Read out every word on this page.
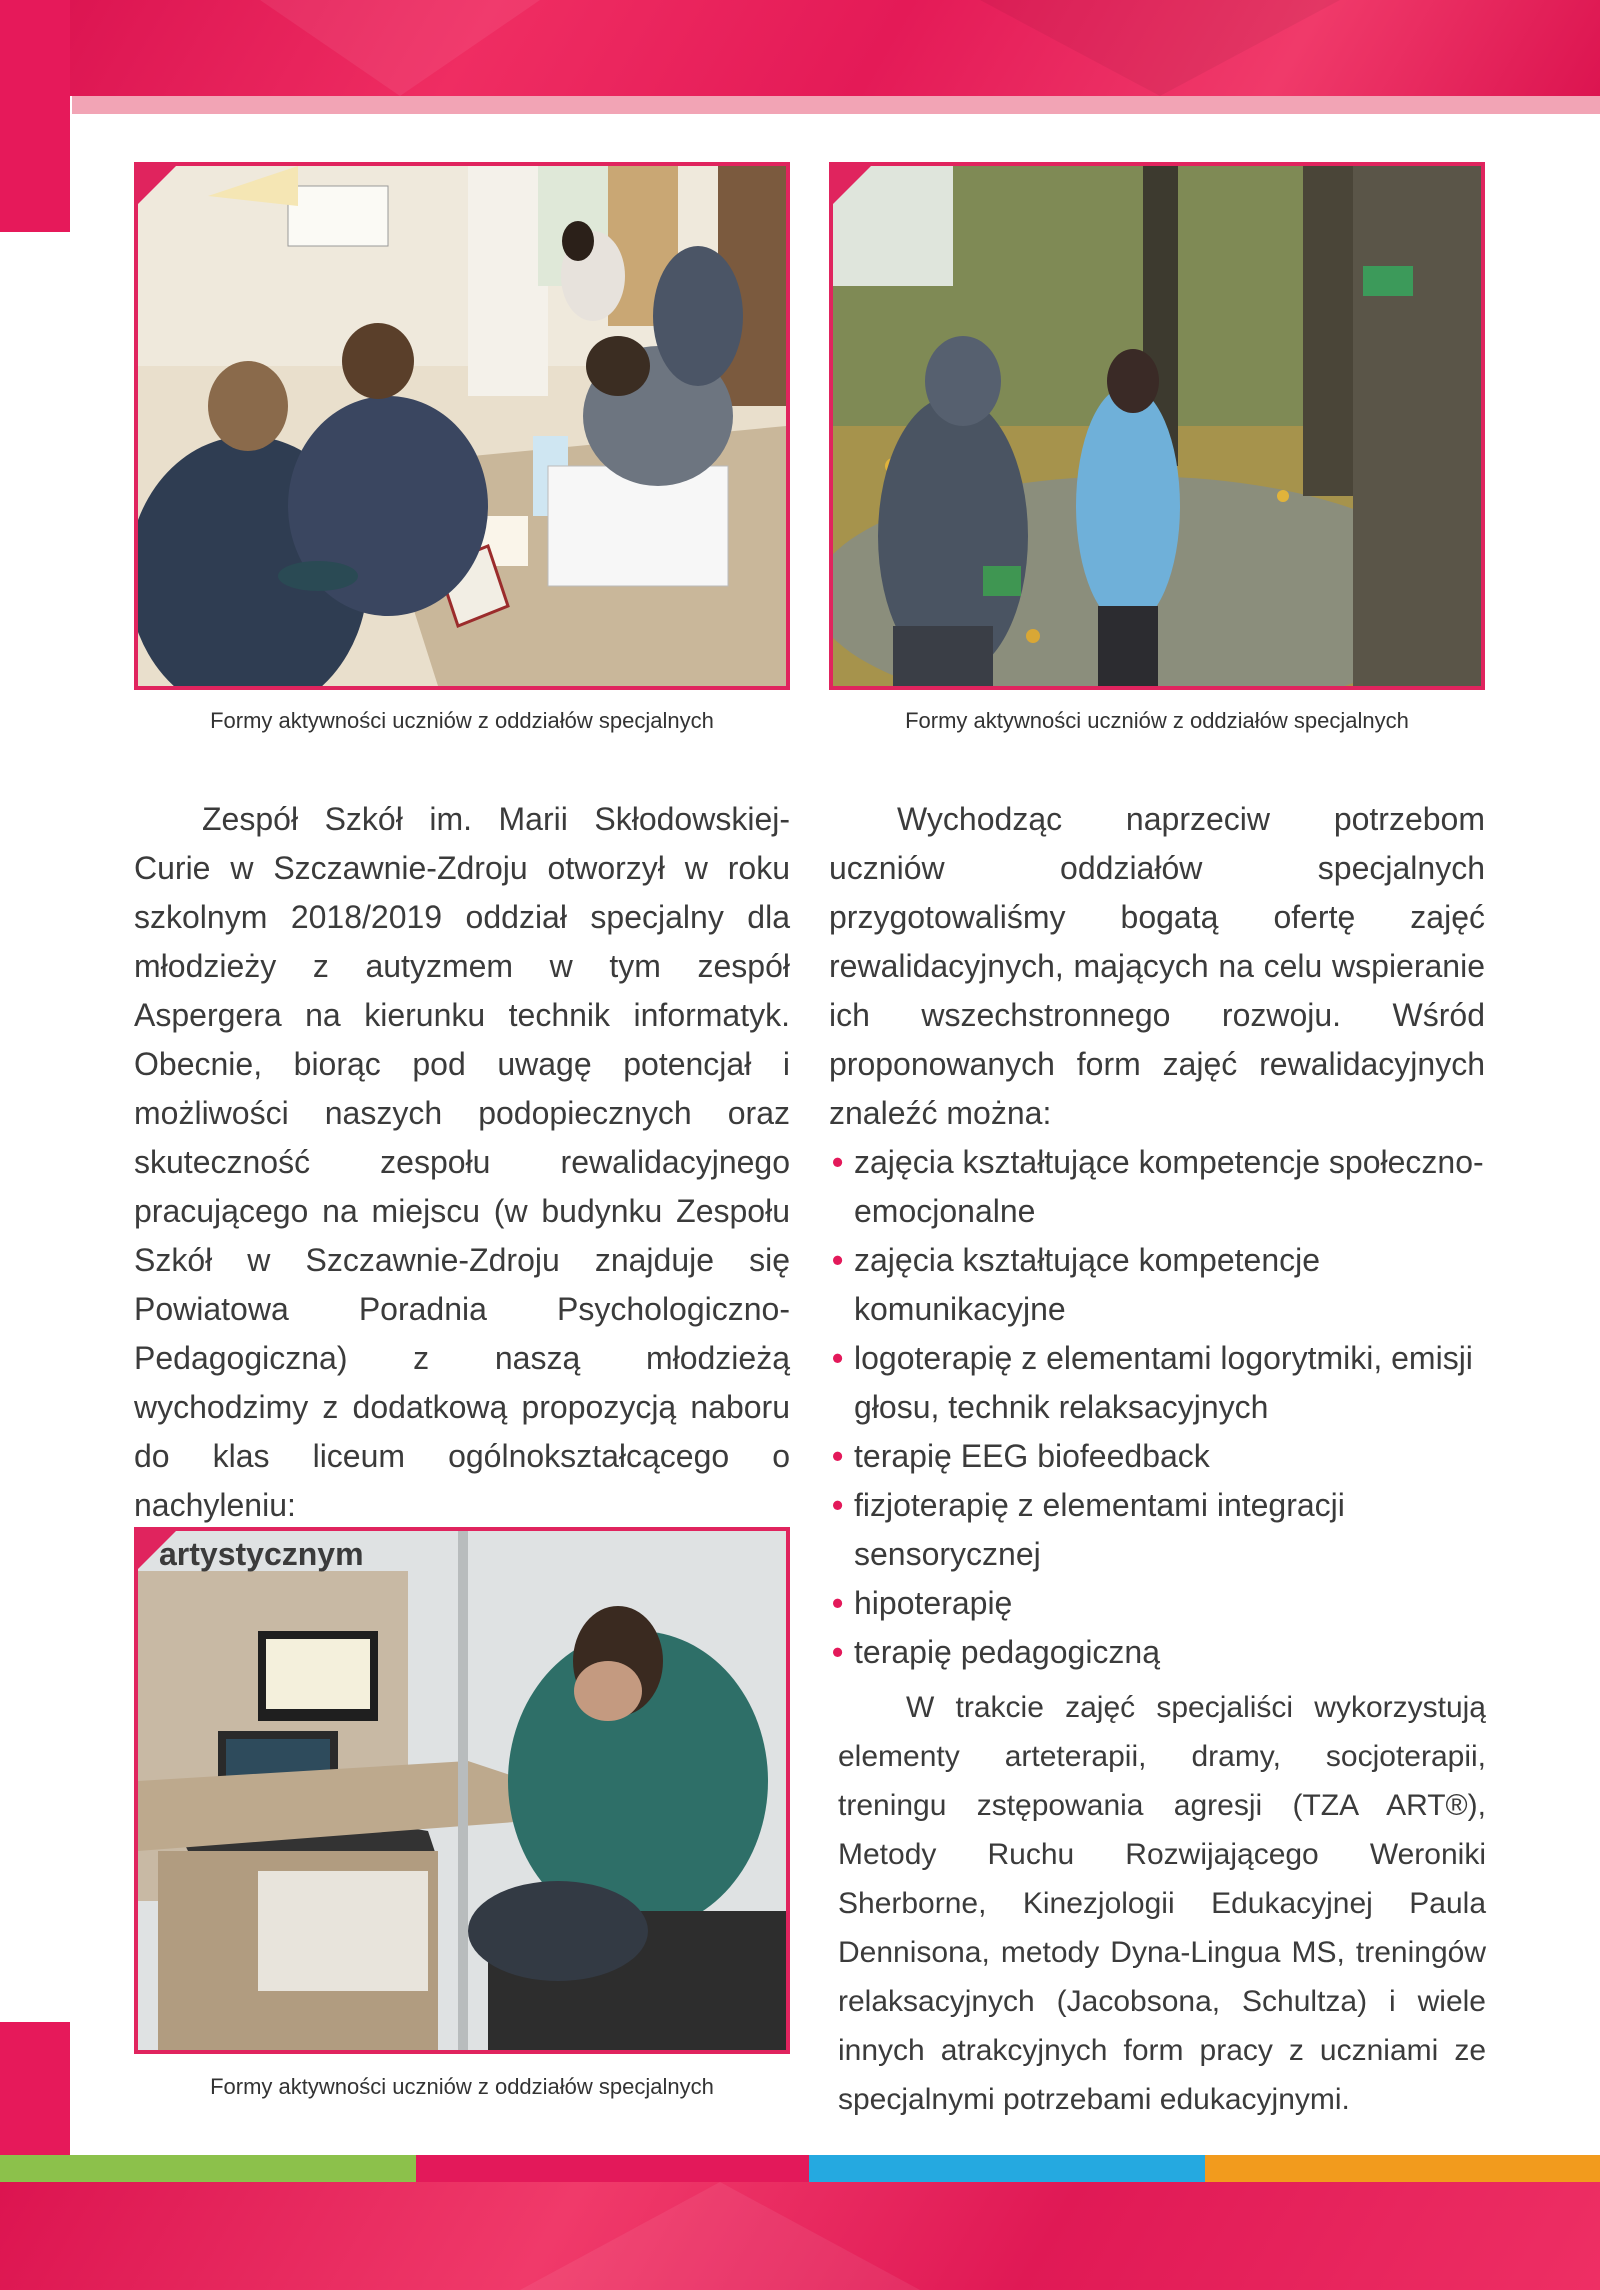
Formy aktywności uczniów z oddziałów specjalnych	Formy aktywności uczniów z oddziałów specjalnych
Formy aktywności uczniów z oddziałów specjalnych

Zespół Szkół im. Marii Skłodowskiej-Curie w Szczawnie-Zdroju otworzył w roku szkolnym 2018/2019 oddział specjalny dla młodzieży z autyzmem w tym zespół Aspergera na kierunku technik informatyk. Obecnie, biorąc pod uwagę potencjał i możliwości naszych podopiecznych oraz skuteczność zespołu rewalidacyjnego pracującego na miejscu (w budynku Zespołu Szkół w Szczawnie-Zdroju znajduje się Powiatowa Poradnia Psychologiczno-Pedagogiczna) z naszą młodzieżą wychodzimy z dodatkową propozycją naboru do klas liceum ogólnokształcącego o nachyleniu:

• artystycznym

Wychodząc naprzeciw potrzebom uczniów oddziałów specjalnych przygotowaliśmy bogatą ofertę zajęć rewalidacyjnych, mających na celu wspieranie ich wszechstronnego rozwoju. Wśród proponowanych form zajęć rewalidacyjnych znaleźć można:

• zajęcia kształtujące kompetencje społeczno-emocjonalne
• zajęcia kształtujące kompetencje komunikacyjne
• logoterapię z elementami logorytmiki, emisji głosu, technik relaksacyjnych
• terapię EEG biofeedback
• fizjoterapię z elementami integracji sensorycznej
• hipoterapię
• terapię pedagogiczną

W trakcie zajęć specjaliści wykorzystują elementy arteterapii, dramy, socjoterapii, treningu zstępowania agresji (TZA ART®), Metody Ruchu Rozwijającego Weroniki Sherborne, Kinezjologii Edukacyjnej Paula Dennisona, metody Dyna-Lingua MS, treningów relaksacyjnych (Jacobsona, Schultza) i wiele innych atrakcyjnych form pracy z uczniami ze specjalnymi potrzebami edukacyjnymi.
